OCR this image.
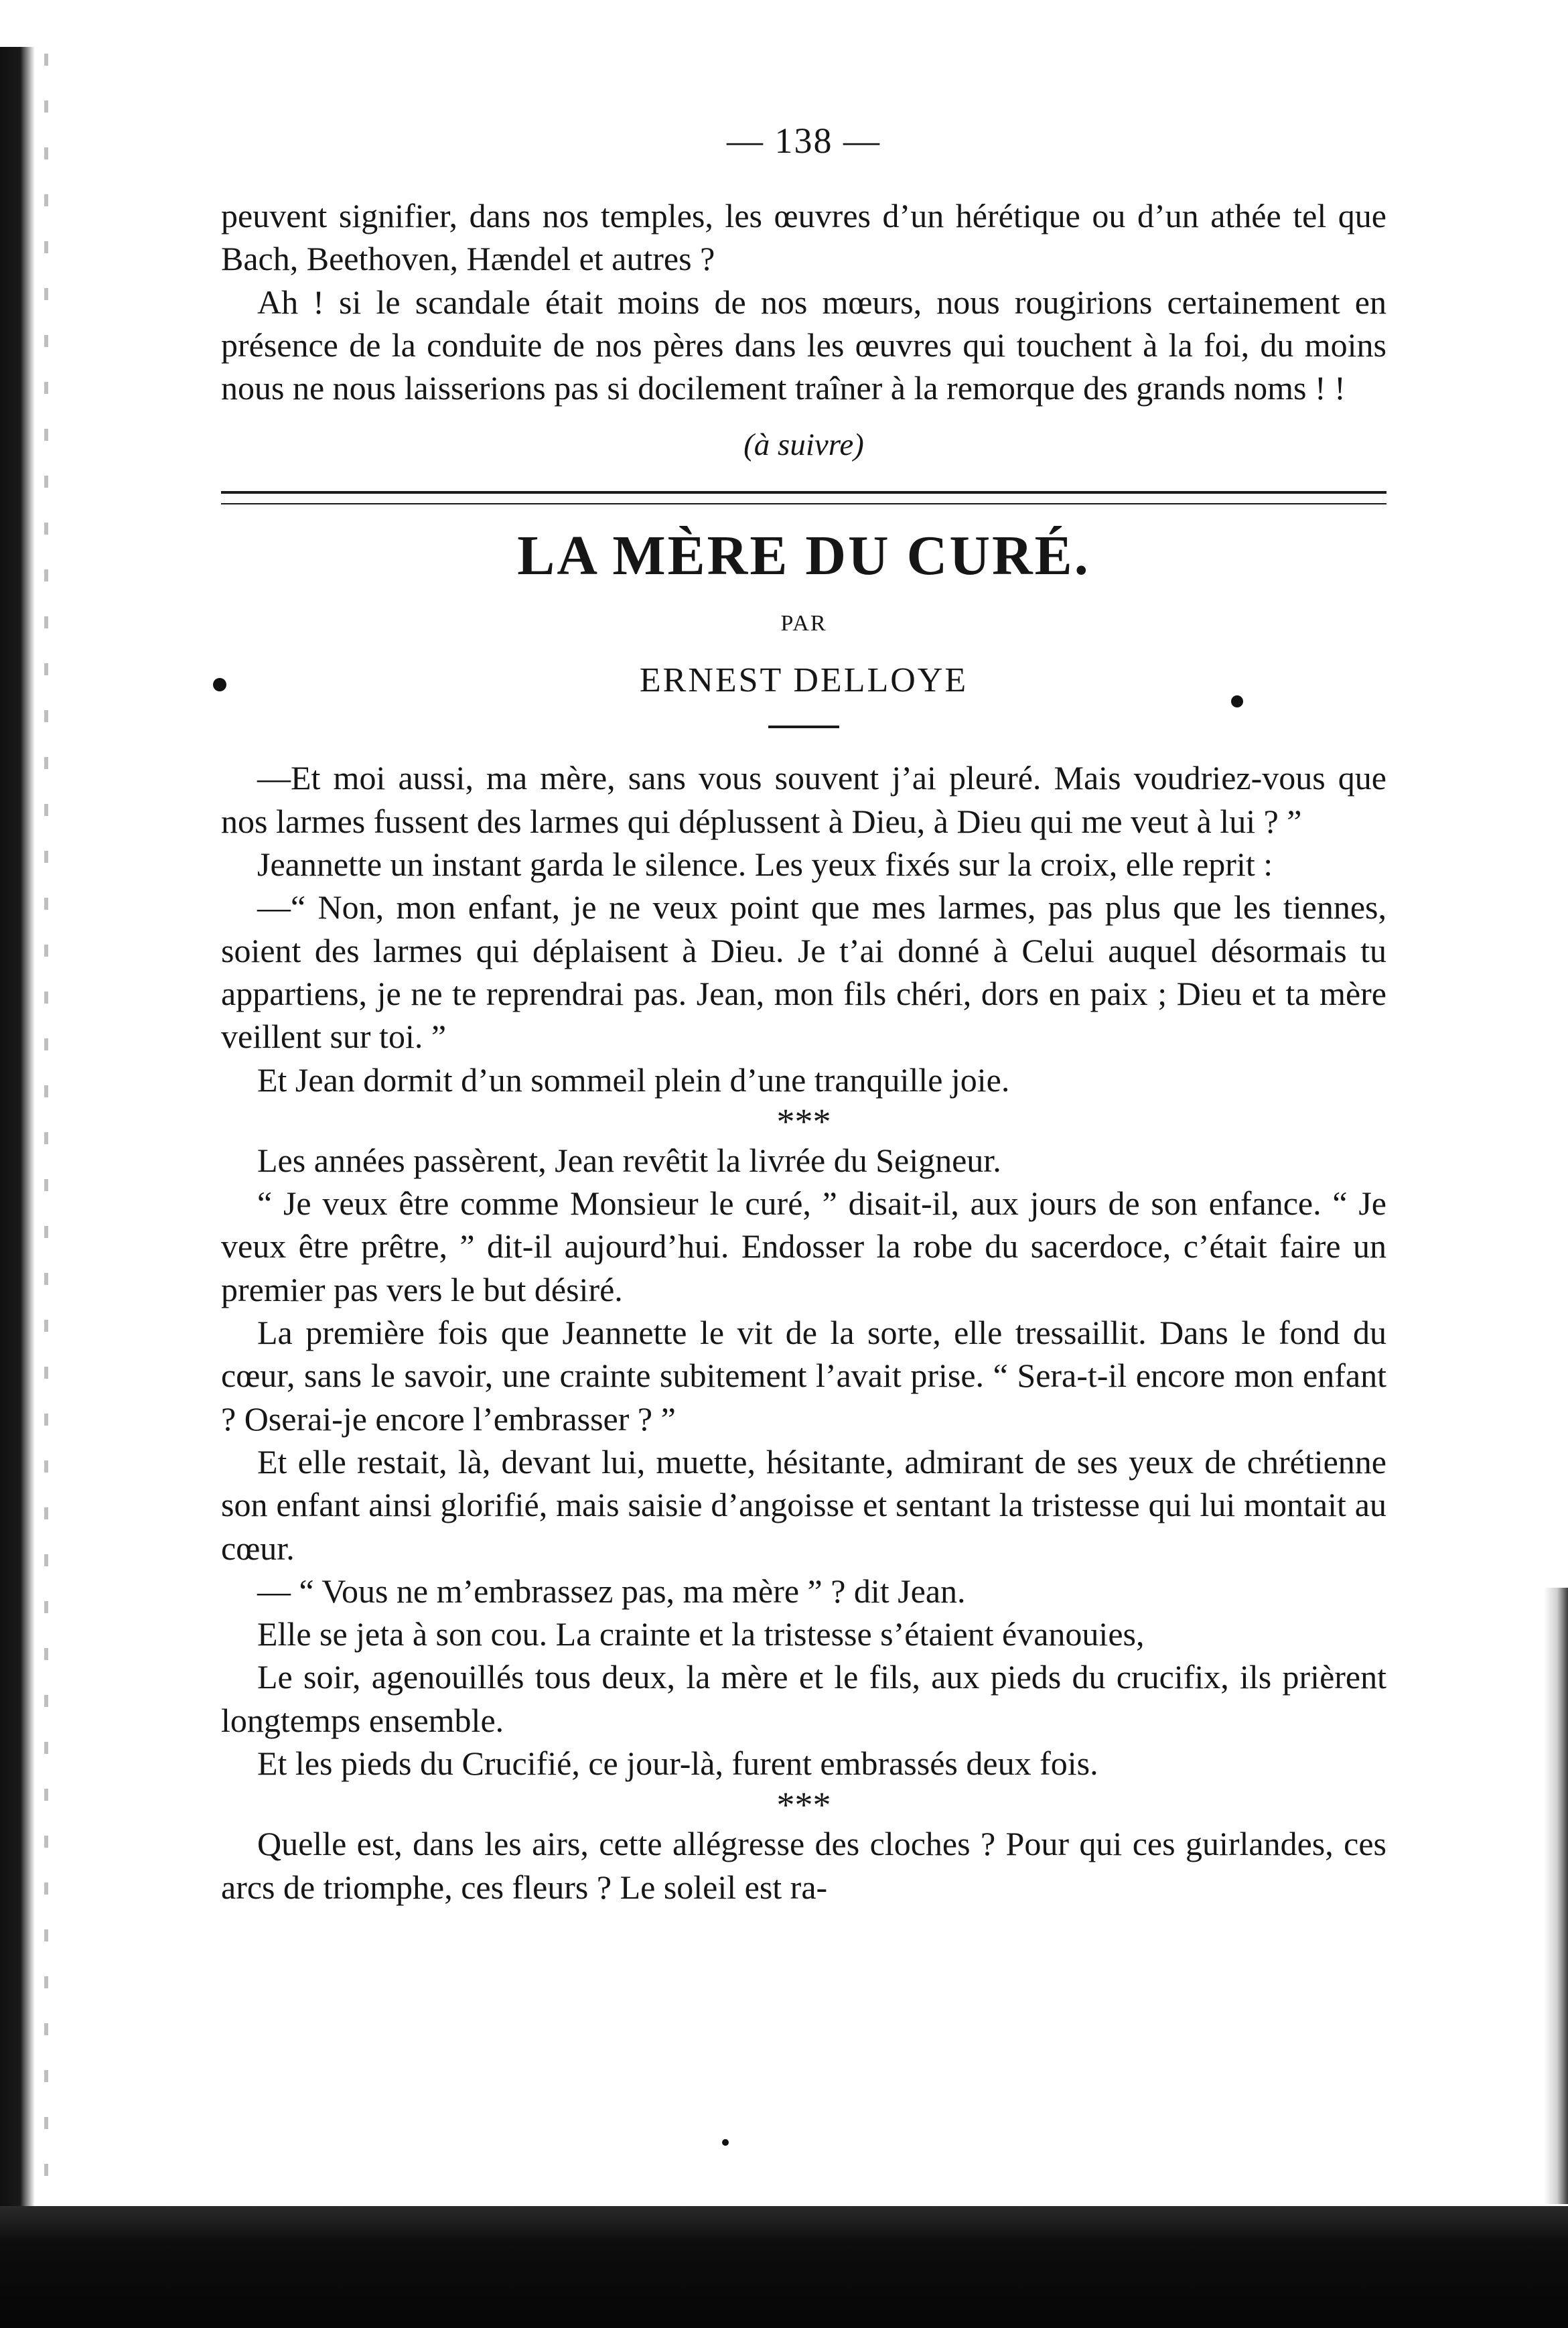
— 138 —

peuvent signifier, dans nos temples, les œuvres d’un hérétique ou d’un athée tel que Bach, Beethoven, Hændel et autres ?

Ah ! si le scandale était moins de nos mœurs, nous rougirions certainement en présence de la conduite de nos pères dans les œuvres qui touchent à la foi, du moins nous ne nous laisserions pas si docilement traîner à la remorque des grands noms ! !

(à suivre)
LA MÈRE DU CURÉ.
PAR
ERNEST DELLOYE

—Et moi aussi, ma mère, sans vous souvent j’ai pleuré. Mais voudriez-vous que nos larmes fussent des larmes qui déplussent à Dieu, à Dieu qui me veut à lui ? ”

Jeannette un instant garda le silence. Les yeux fixés sur la croix, elle reprit :

—“ Non, mon enfant, je ne veux point que mes larmes, pas plus que les tiennes, soient des larmes qui déplaisent à Dieu. Je t’ai donné à Celui auquel désormais tu appartiens, je ne te reprendrai pas. Jean, mon fils chéri, dors en paix ; Dieu et ta mère veillent sur toi. ”

Et Jean dormit d’un sommeil plein d’une tranquille joie.

***

Les années passèrent, Jean revêtit la livrée du Seigneur.

“ Je veux être comme Monsieur le curé, ” disait-il, aux jours de son enfance. “ Je veux être prêtre, ” dit-il aujourd’hui. Endosser la robe du sacerdoce, c’était faire un premier pas vers le but désiré.

La première fois que Jeannette le vit de la sorte, elle tressaillit. Dans le fond du cœur, sans le savoir, une crainte subitement l’avait prise. “ Sera-t-il encore mon enfant ? Oserai-je encore l’embrasser ? ”

Et elle restait, là, devant lui, muette, hésitante, admirant de ses yeux de chrétienne son enfant ainsi glorifié, mais saisie d’angoisse et sentant la tristesse qui lui montait au cœur.

— “ Vous ne m’embrassez pas, ma mère ” ? dit Jean.

Elle se jeta à son cou. La crainte et la tristesse s’étaient évanouies,

Le soir, agenouillés tous deux, la mère et le fils, aux pieds du crucifix, ils prièrent longtemps ensemble.

Et les pieds du Crucifié, ce jour-là, furent embrassés deux fois.

***

Quelle est, dans les airs, cette allégresse des cloches ? Pour qui ces guirlandes, ces arcs de triomphe, ces fleurs ? Le soleil est ra-
